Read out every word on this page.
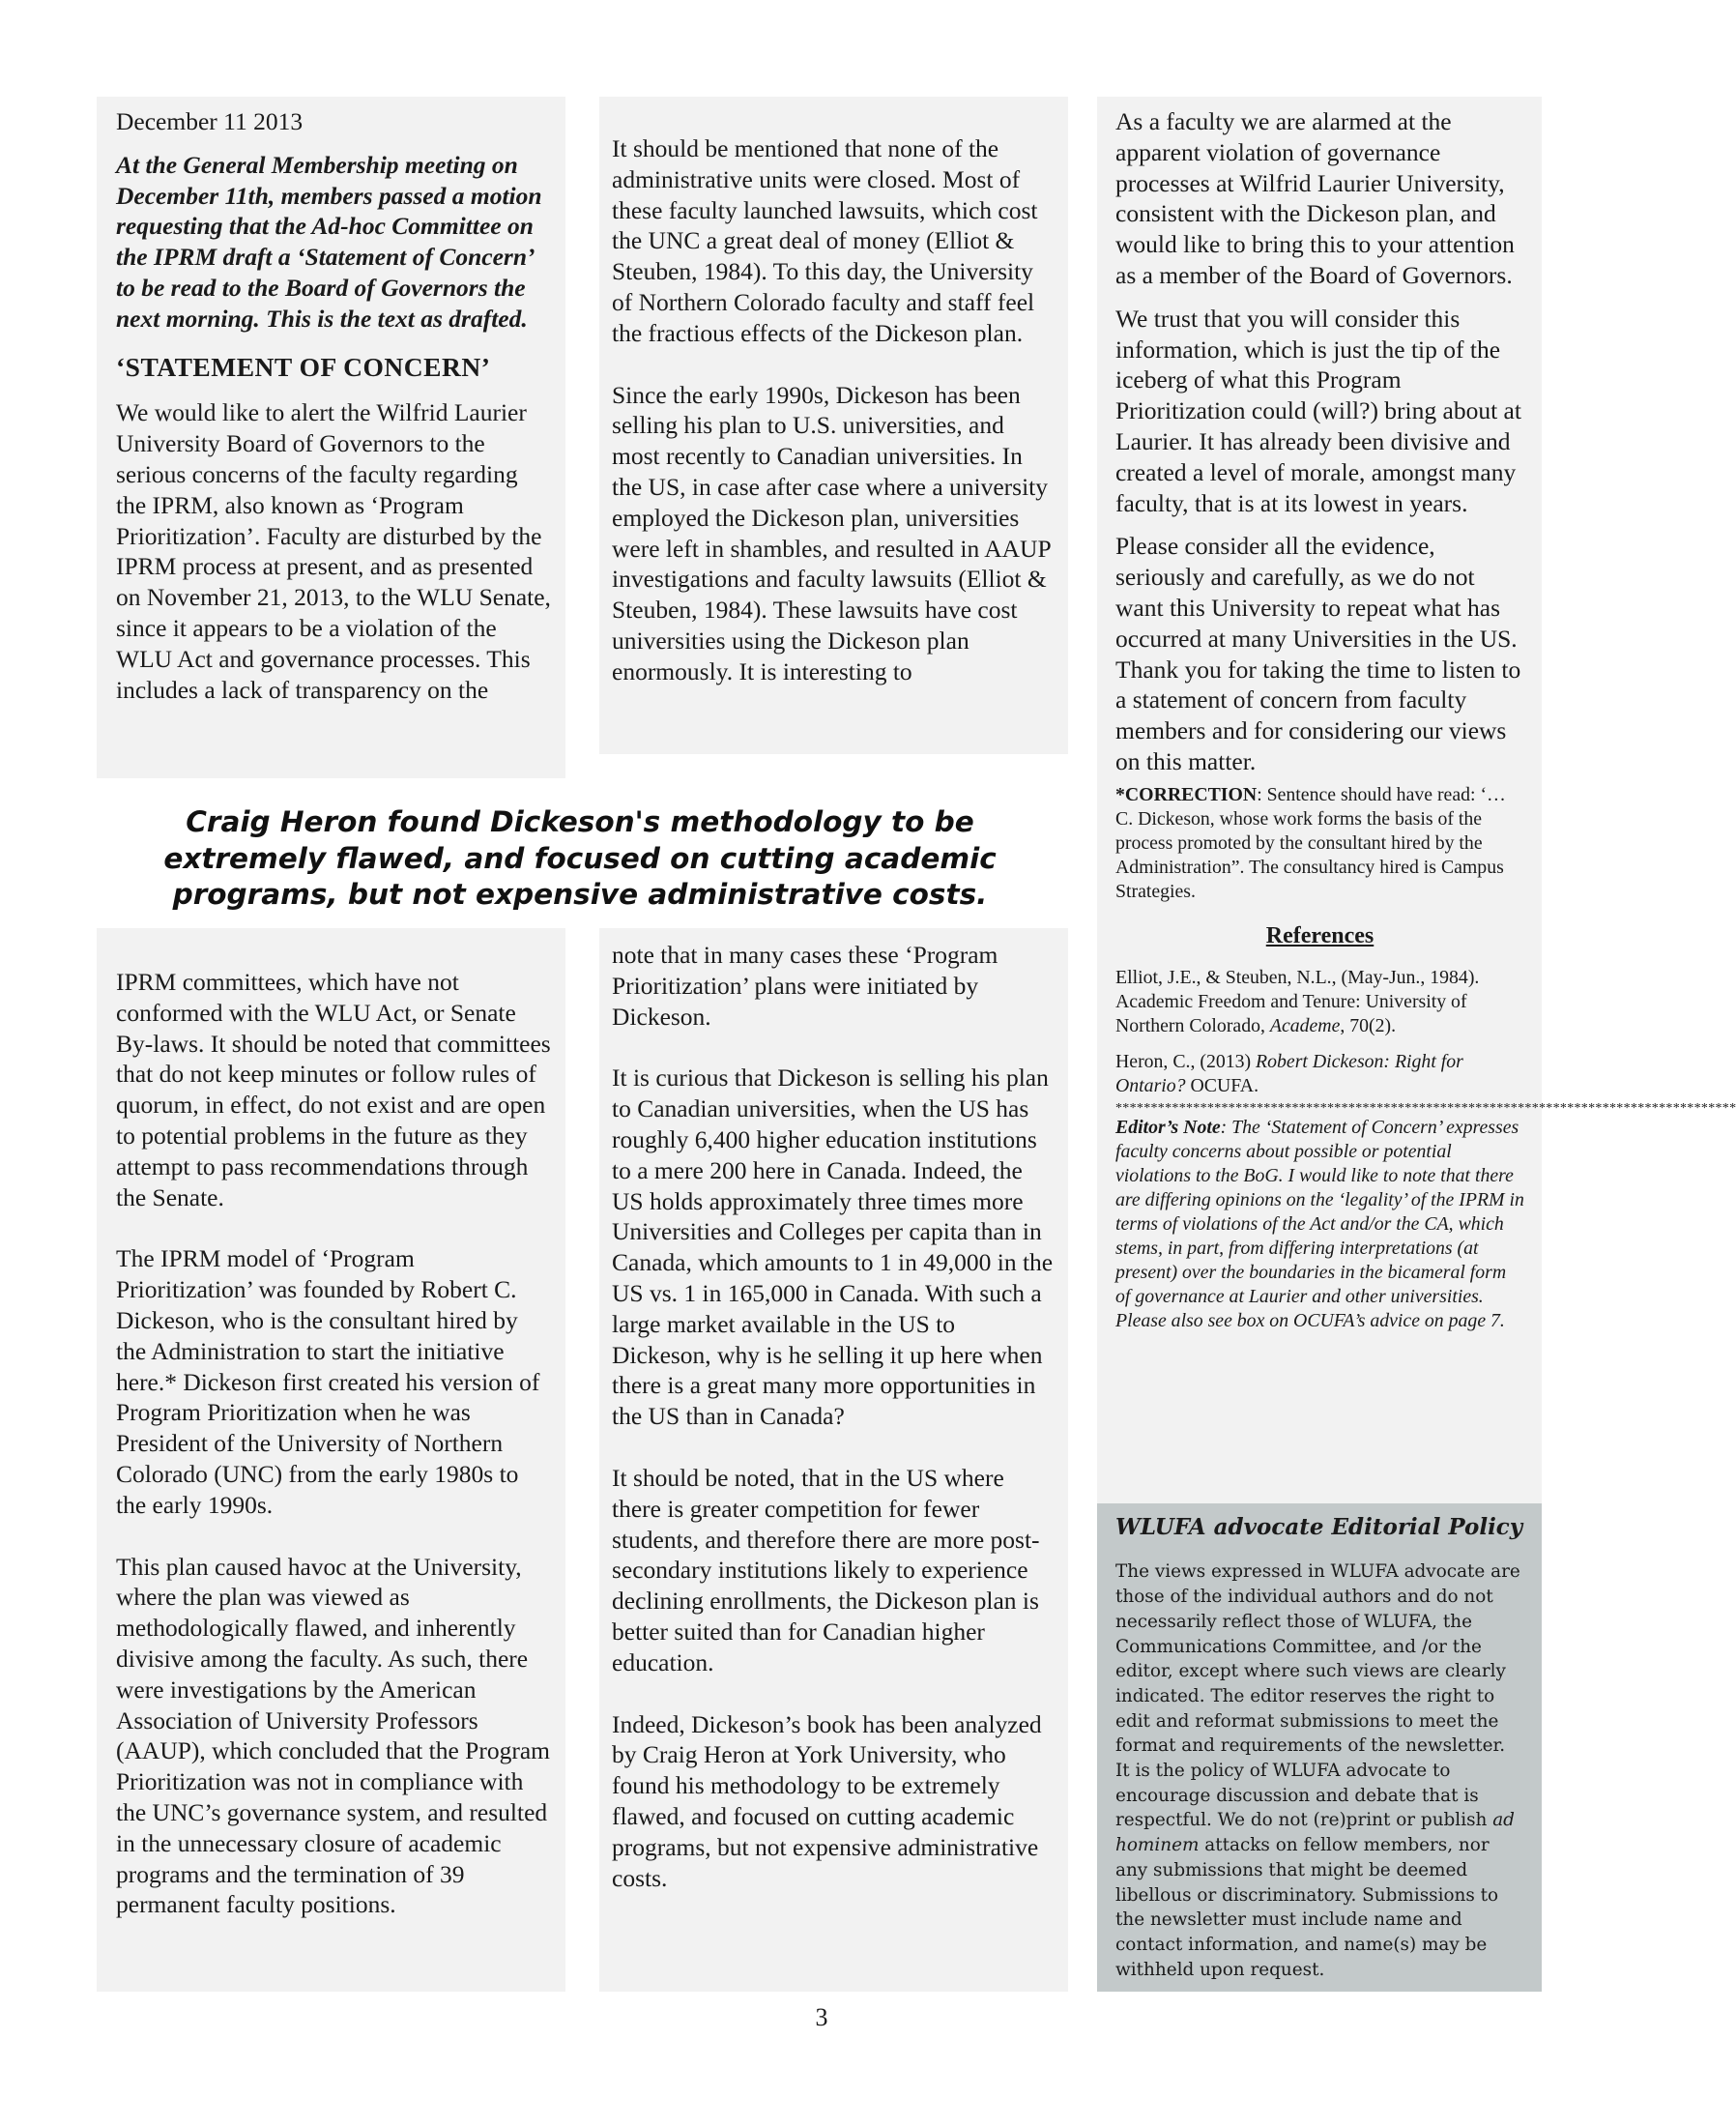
December 11 2013

At the General Membership meeting on December 11th, members passed a motion requesting that the Ad-hoc Committee on the IPRM draft a ‘Statement of Concern’ to be read to the Board of Governors the next morning. This is the text as drafted.

‘STATEMENT OF CONCERN’

We would like to alert the Wilfrid Laurier University Board of Governors to the serious concerns of the faculty regarding the IPRM, also known as ‘Program Prioritization’. Faculty are disturbed by the IPRM process at present, and as presented on November 21, 2013, to the WLU Senate, since it appears to be a violation of the WLU Act and governance processes. This includes a lack of transparency on the

It should be mentioned that none of the administrative units were closed. Most of these faculty launched lawsuits, which cost the UNC a great deal of money (Elliot & Steuben, 1984). To this day, the University of Northern Colorado faculty and staff feel the fractious effects of the Dickeson plan.

Since the early 1990s, Dickeson has been selling his plan to U.S. universities, and most recently to Canadian universities. In the US, in case after case where a university employed the Dickeson plan, universities were left in shambles, and resulted in AAUP investigations and faculty lawsuits (Elliot & Steuben, 1984). These lawsuits have cost universities using the Dickeson plan enormously. It is interesting to

Craig Heron found Dickeson's methodology to be extremely flawed, and focused on cutting academic programs, but not expensive administrative costs.

IPRM committees, which have not conformed with the WLU Act, or Senate By-laws. It should be noted that committees that do not keep minutes or follow rules of quorum, in effect, do not exist and are open to potential problems in the future as they attempt to pass recommendations through the Senate.

The IPRM model of ‘Program Prioritization’ was founded by Robert C. Dickeson, who is the consultant hired by the Administration to start the initiative here.* Dickeson first created his version of Program Prioritization when he was President of the University of Northern Colorado (UNC) from the early 1980s to the early 1990s.

This plan caused havoc at the University, where the plan was viewed as methodologically flawed, and inherently divisive among the faculty. As such, there were investigations by the American Association of University Professors (AAUP), which concluded that the Program Prioritization was not in compliance with the UNC’s governance system, and resulted in the unnecessary closure of academic programs and the termination of 39 permanent faculty positions.

note that in many cases these ‘Program Prioritization’ plans were initiated by Dickeson.

It is curious that Dickeson is selling his plan to Canadian universities, when the US has roughly 6,400 higher education institutions to a mere 200 here in Canada. Indeed, the US holds approximately three times more Universities and Colleges per capita than in Canada, which amounts to 1 in 49,000 in the US vs. 1 in 165,000 in Canada. With such a large market available in the US to Dickeson, why is he selling it up here when there is a great many more opportunities in the US than in Canada?

It should be noted, that in the US where there is greater competition for fewer students, and therefore there are more post-secondary institutions likely to experience declining enrollments, the Dickeson plan is better suited than for Canadian higher education.

Indeed, Dickeson’s book has been analyzed by Craig Heron at York University, who found his methodology to be extremely flawed, and focused on cutting academic programs, but not expensive administrative costs.

As a faculty we are alarmed at the apparent violation of governance processes at Wilfrid Laurier University, consistent with the Dickeson plan, and would like to bring this to your attention as a member of the Board of Governors.

We trust that you will consider this information, which is just the tip of the iceberg of what this Program Prioritization could (will?) bring about at Laurier. It has already been divisive and created a level of morale, amongst many faculty, that is at its lowest in years.

Please consider all the evidence, seriously and carefully, as we do not want this University to repeat what has occurred at many Universities in the US. Thank you for taking the time to listen to a statement of concern from faculty members and for considering our views on this matter.

*CORRECTION: Sentence should have read: ‘… C. Dickeson, whose work forms the basis of the process promoted by the consultant hired by the Administration”. The consultancy hired is Campus Strategies.

References

Elliot, J.E., & Steuben, N.L., (May-Jun., 1984). Academic Freedom and Tenure: University of Northern Colorado, Academe, 70(2).

Heron, C., (2013) Robert Dickeson: Right for Ontario? OCUFA.

****************************************************************************************

Editor’s Note: The ‘Statement of Concern’ expresses faculty concerns about possible or potential violations to the BoG. I would like to note that there are differing opinions on the ‘legality’ of the IPRM in terms of violations of the Act and/or the CA, which stems, in part, from differing interpretations (at present) over the boundaries in the bicameral form of governance at Laurier and other universities. Please also see box on OCUFA’s advice on page 7.

WLUFA advocate Editorial Policy

The views expressed in WLUFA advocate are those of the individual authors and do not necessarily reflect those of WLUFA, the Communications Committee, and /or the editor, except where such views are clearly indicated. The editor reserves the right to edit and reformat submissions to meet the format and requirements of the newsletter. It is the policy of WLUFA advocate to encourage discussion and debate that is respectful. We do not (re)print or publish ad hominem attacks on fellow members, nor any submissions that might be deemed libellous or discriminatory. Submissions to the newsletter must include name and contact information, and name(s) may be withheld upon request.

3
